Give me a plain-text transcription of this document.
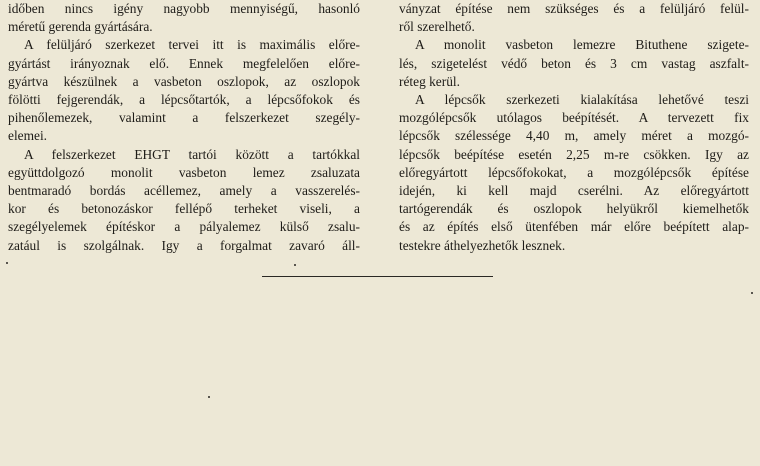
időben nincs igény nagyobb mennyiségű, hasonló
méretű gerenda gyártására.
A felüljáró szerkezet tervei itt is maximális előre-
gyártást irányoznak elő. Ennek megfelelően előre-
gyártva készülnek a vasbeton oszlopok, az oszlopok
fölötti fejgerendák, a lépcsőtartók, a lépcsőfokok és
pihenőlemezek, valamint a felszerkezet szegély-
elemei.
A felszerkezet EHGT tartói között a tartókkal
együttdolgozó monolit vasbeton lemez zsaluzata
bentmaradó bordás acéllemez, amely a vasszerelés-
kor és betonozáskor fellépő terheket viseli, a
szegélyelemek építéskor a pályalemez külső zsalu-
zatául is szolgálnak. Igy a forgalmat zavaró áll-
ványzat építése nem szükséges és a felüljáró felül-
ről szerelhető.
A monolit vasbeton lemezre Bituthene szigete-
lés, szigetelést védő beton és 3 cm vastag aszfalt-
réteg kerül.
A lépcsők szerkezeti kialakítása lehetővé teszi
mozgólépcsők utólagos beépítését. A tervezett fix
lépcsők szélessége 4,40 m, amely méret a mozgó-
lépcsők beépítése esetén 2,25 m-re csökken. Igy az
előregyártott lépcsőfokokat, a mozgólépcsők építése
idején, ki kell majd cserélni. Az előregyártott
tartógerendák és oszlopok helyükről kiemelhetők
és az építés első ütenfében már előre beépített alap-
testekre áthelyezhetők lesznek.
